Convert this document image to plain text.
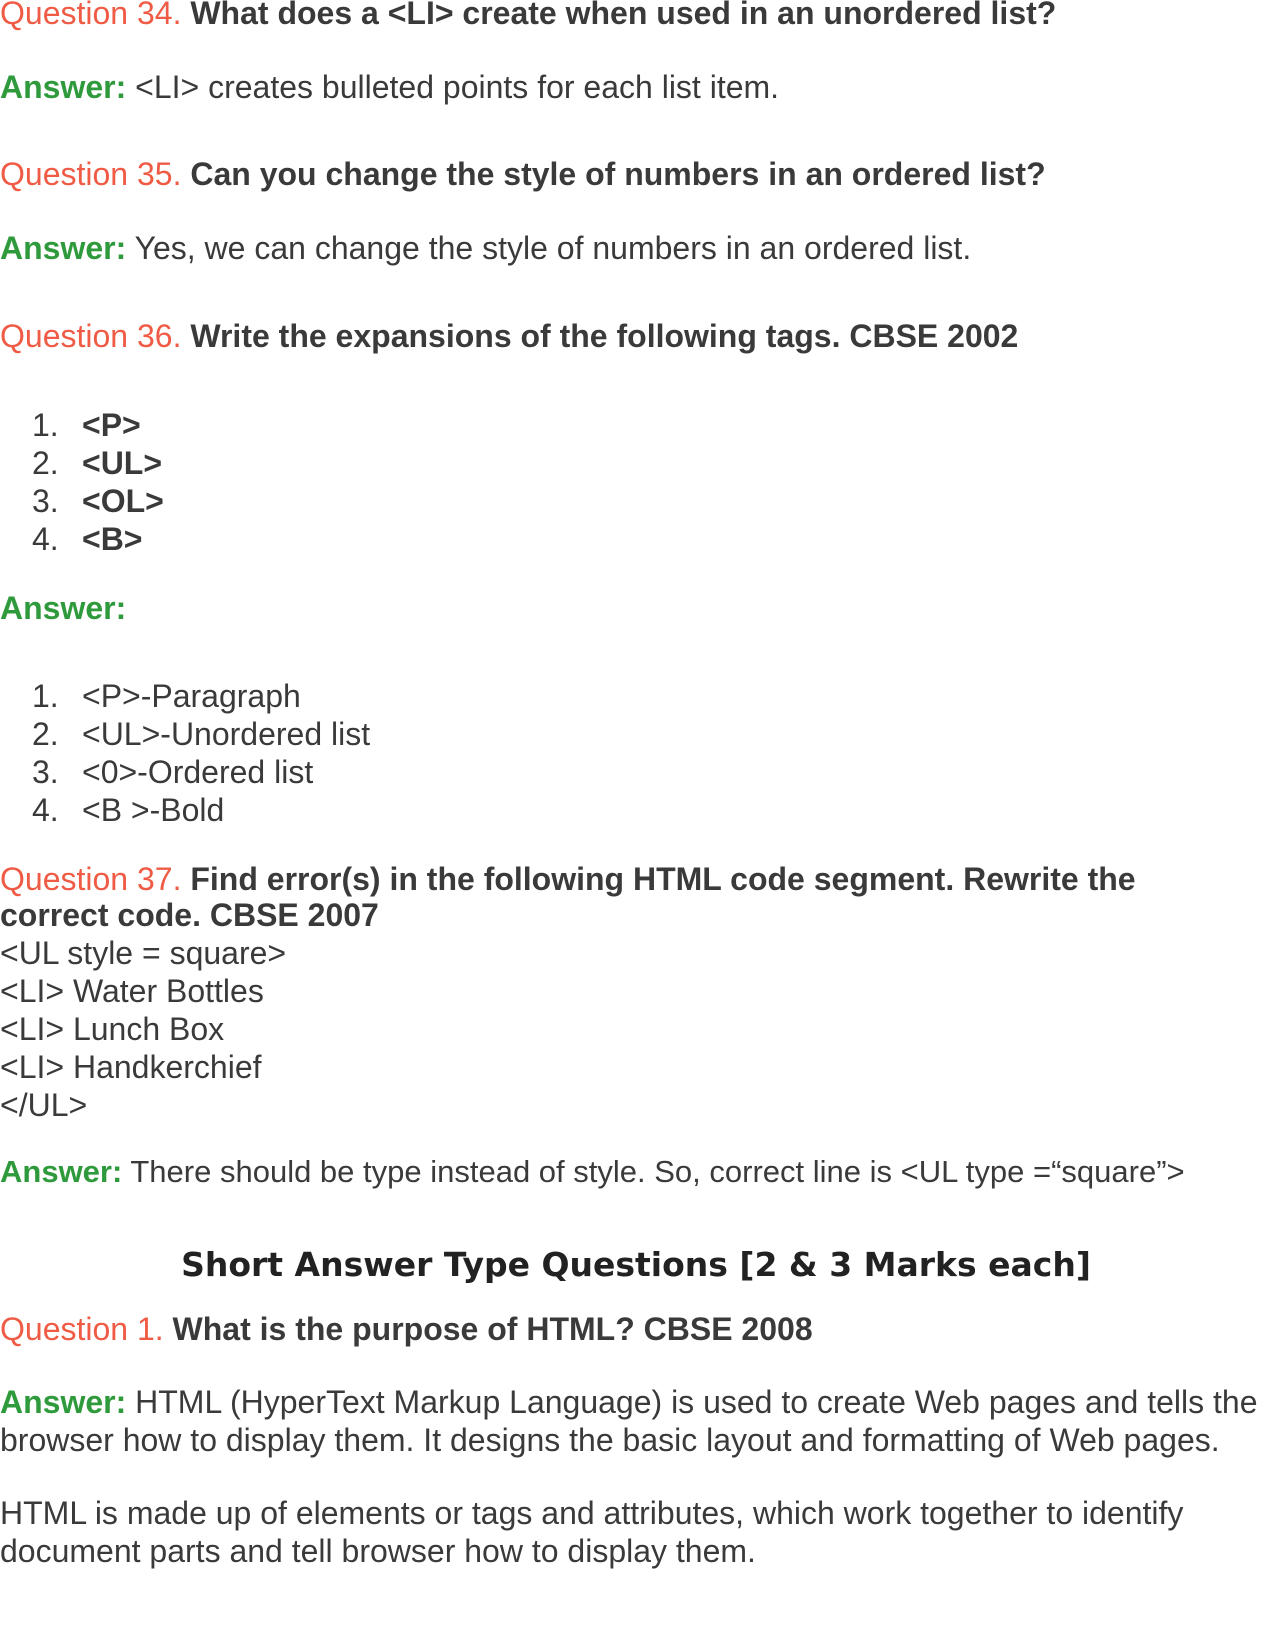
Question 34. What does a <LI> create when used in an unordered list?

Answer: <LI> creates bulleted points for each list item.

Question 35. Can you change the style of numbers in an ordered list?

Answer: Yes, we can change the style of numbers in an ordered list.

Question 36. Write the expansions of the following tags. CBSE 2002

1. <P>
2. <UL>
3. <OL>
4. <B>

Answer:

1. <P>-Paragraph
2. <UL>-Unordered list
3. <0>-Ordered list
4. <B >-Bold

Question 37. Find error(s) in the following HTML code segment. Rewrite the

correct code. CBSE 2007

<UL style = square>
<LI> Water Bottles
<LI> Lunch Box
<LI> Handkerchief
</UL>

Answer: There should be type instead of style. So, correct line is <UL type =“square”>

Short Answer Type Questions [2 & 3 Marks each]

Question 1. What is the purpose of HTML? CBSE 2008

Answer: HTML (HyperText Markup Language) is used to create Web pages and tells the browser how to display them. It designs the basic layout and formatting of Web pages.

HTML is made up of elements or tags and attributes, which work together to identify document parts and tell browser how to display them.
